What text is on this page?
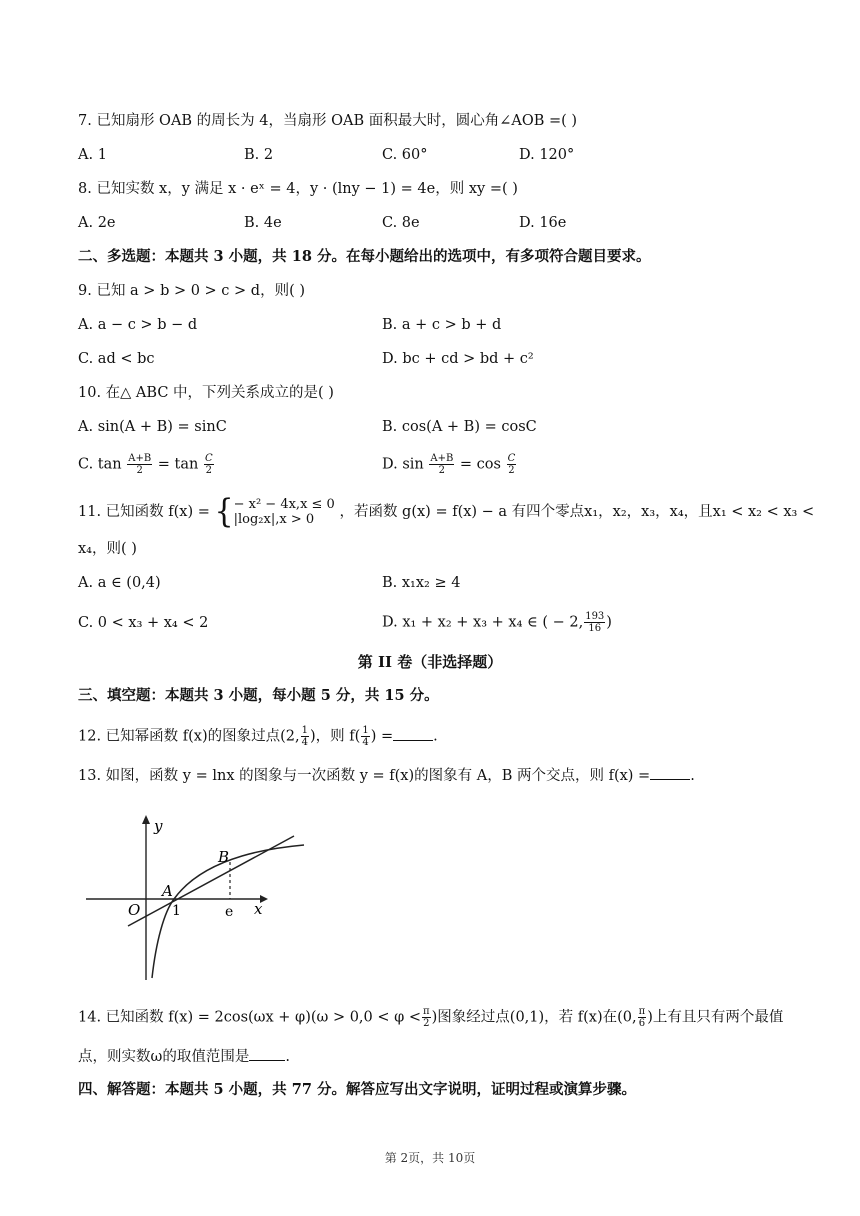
7. 已知扇形 OAB 的周长为 4，当扇形 OAB 面积最大时，圆心角∠AOB =( )
A. 1	B. 2	C. 60°	D. 120°
8. 已知实数 x，y 满足 x · eˣ = 4，y · (lny − 1) = 4e，则 xy =( )
A. 2e	B. 4e	C. 8e	D. 16e
二、多选题：本题共 3 小题，共 18 分。在每小题给出的选项中，有多项符合题目要求。
9. 已知 a > b > 0 > c > d，则( )
A. a − c > b − d	B. a + c > b + d
C. ad < bc	D. bc + cd > bd + c²
10. 在△ ABC 中，下列关系成立的是( )
A. sin(A + B) = sinC	B. cos(A + B) = cosC
C. $\tan \frac{A+B}{2} = \tan \frac{C}{2}$	D. $\sin \frac{A+B}{2} = \cos \frac{C}{2}$
11. 已知函数 f(x) = { − x² − 4x,x ≤ 0
|log₂x|,x > 0	，若函数 g(x) = f(x) − a 有四个零点x₁，x₂，x₃，x₄，且x₁ < x₂ < x₃ <
x₄，则( )
A. a ∈ (0,4)	B. x₁x₂ ≥ 4
C. 0 < x₃ + x₄ < 2	D. x₁ + x₂ + x₃ + x₄ ∈ ( − 2, $\frac{193}{16}$ )
第 II 卷（非选择题）
三、填空题：本题共 3 小题，每小题 5 分，共 15 分。
12. 已知幂函数 f(x)的图象过点(2, $\frac{1}{4}$ )，则 $f( \frac{1}{4}$ ) =	.
13. 如图，函数 y = lnx 的图象与一次函数 y = f(x)的图象有 A，B 两个交点，则 f(x) =	.
y
x
O
A
B
1	e
14. 已知函数 $f(x) = 2\cos(\omega x + \varphi)(\omega > 0,0 < \varphi < \frac{\pi}{2}$ )图象经过点(0,1)，若 f(x)在(0, $\frac{\pi}{6}$ )上有且只有两个最值
点，则实数ω的取值范围是 .
四、解答题：本题共 5 小题，共 77 分。解答应写出文字说明，证明过程或演算步骤。
第 2页，共 10页
